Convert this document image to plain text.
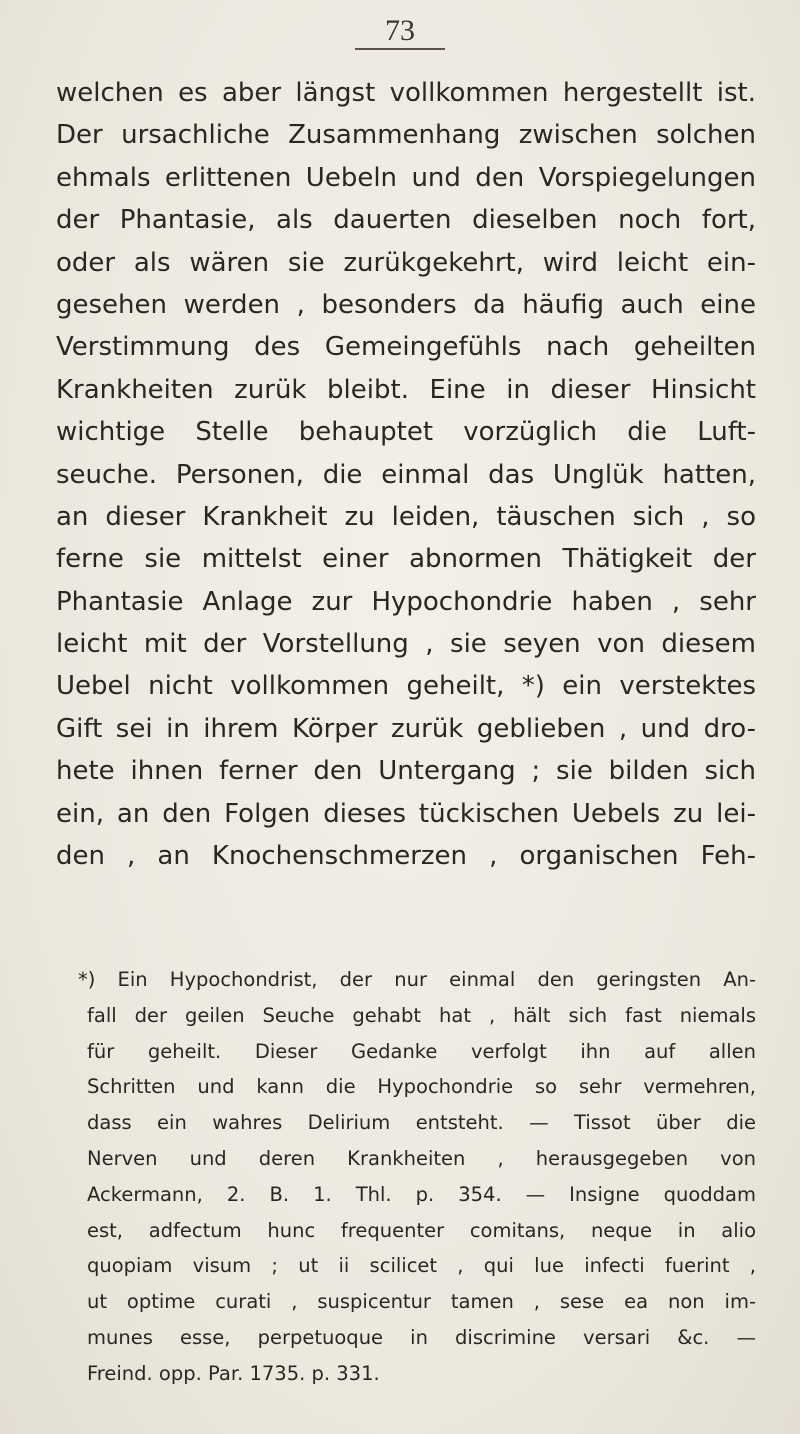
73
welchen es aber längst vollkommen hergestellt ist.
Der ursachliche Zusammenhang zwischen solchen
ehmals erlittenen Uebeln und den Vorspiegelungen
der Phantasie, als dauerten dieselben noch fort,
oder als wären sie zurükgekehrt, wird leicht ein-
gesehen werden , besonders da häufig auch eine
Verstimmung des Gemeingefühls nach geheilten
Krankheiten zurük bleibt. Eine in dieser Hinsicht
wichtige Stelle behauptet vorzüglich die Luft-
seuche. Personen, die einmal das Unglük hatten,
an dieser Krankheit zu leiden, täuschen sich , so
ferne sie mittelst einer abnormen Thätigkeit der
Phantasie Anlage zur Hypochondrie haben , sehr
leicht mit der Vorstellung , sie seyen von diesem
Uebel nicht vollkommen geheilt, *) ein verstektes
Gift sei in ihrem Körper zurük geblieben , und dro-
hete ihnen ferner den Untergang ; sie bilden sich
ein, an den Folgen dieses tückischen Uebels zu lei-
den , an Knochenschmerzen , organischen Feh-
*) Ein Hypochondrist, der nur einmal den geringsten An-
fall der geilen Seuche gehabt hat , hält sich fast niemals
für geheilt. Dieser Gedanke verfolgt ihn auf allen
Schritten und kann die Hypochondrie so sehr vermehren,
dass ein wahres Delirium entsteht. — Tissot über die
Nerven und deren Krankheiten , herausgegeben von
Ackermann, 2. B. 1. Thl. p. 354. — Insigne quoddam
est, adfectum hunc frequenter comitans, neque in alio
quopiam visum ; ut ii scilicet , qui lue infecti fuerint ,
ut optime curati , suspicentur tamen , sese ea non im-
munes esse, perpetuoque in discrimine versari &c. —
Freind. opp. Par. 1735. p. 331.
